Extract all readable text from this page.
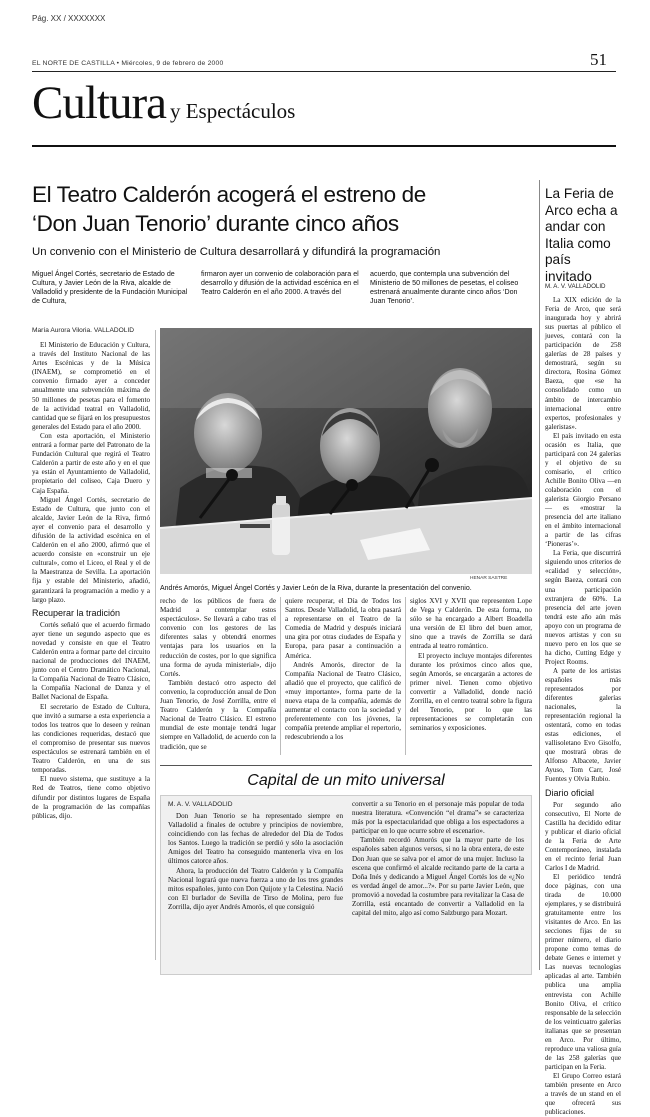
Pág. XX / XXXXXXX
EL NORTE DE CASTILLA • Miércoles, 9 de febrero de 2000	51
Cultura y Espectáculos
El Teatro Calderón acogerá el estreno de
‘Don Juan Tenorio’ durante cinco años
Un convenio con el Ministerio de Cultura desarrollará y difundirá la programación
Miguel Ángel Cortés, secretario de Estado de Cultura, y Javier León de la Riva, alcalde de Valladolid y presidente de la Fundación Municipal de Cultura,
firmaron ayer un convenio de colaboración para el desarrollo y difusión de la actividad escénica en el Teatro Calderón en el año 2000. A través del
acuerdo, que contempla una subvención del Ministerio de 50 millones de pesetas, el coliseo estrenará anualmente durante cinco años ‘Don Juan Tenorio’.
María Aurora Viloria. VALLADOLID

El Ministerio de Educación y Cultura, a través del Instituto Nacional de las Artes Escénicas y de la Música (INAEM), se comprometió en el convenio firmado ayer a conceder anualmente una subvención máxima de 50 millones de pesetas para el fomento de la actividad teatral en Valladolid, cantidad que se fijará en los presupuestos generales del Estado para el año 2000.

Con esta aportación, el Ministerio entrará a formar parte del Patronato de la Fundación Cultural que regirá el Teatro Calderón a partir de este año y en el que ya están el Ayuntamiento de Valladolid, propietario del coliseo, Caja Duero y Caja España.

Miguel Ángel Cortés, secretario de Estado de Cultura, que junto con el alcalde, Javier León de la Riva, firmó ayer el convenio para el desarrollo y difusión de la actividad escénica en el Calderón en el año 2000, afirmó que el acuerdo consiste en «construir un eje cultural», como el Liceo, el Real y el de la Maestranza de Sevilla. La aportación fija y estable del Ministerio, añadió, garantizará la programación a medio y a largo plazo.

Recuperar la tradición

Cortés señaló que el acuerdo firmado ayer tiene un segundo aspecto que es novedad y consiste en que el Teatro Calderón entra a formar parte del circuito nacional de producciones del INAEM, junto con el Centro Dramático Nacional, la Compañía Nacional de Teatro Clásico, la Compañía Nacional de Danza y el Ballet Nacional de España.

El secretario de Estado de Cultura, que invitó a sumarse a esta experiencia a todos los teatros que lo deseen y reúnan las condiciones requeridas, destacó que el compromiso de presentar sus nuevos espectáculos se estrenará también en el Teatro Calderón, en una de sus temporadas.

El nuevo sistema, que sustituye a la Red de Teatros, tiene como objetivo difundir por distintos lugares de España de la programación de las compañías públicas, dijo.

HENAR SASTRE
Andrés Amorós, Miguel Ángel Cortés y Javier León de la Riva, durante la presentación del convenio.

recho de los públicos de fuera de Madrid a contemplar estos espectáculos». Se llevará a cabo tras el convenio con los gestores de las diferentes salas y obtendrá enormes ventajas para los usuarios en la reducción de costes, por lo que significa una forma de ayuda ministerial», dijo Cortés.

También destacó otro aspecto del convenio, la coproducción anual de Don Juan Tenorio, de José Zorrilla, entre el Teatro Calderón y la Compañía Nacional de Teatro Clásico. El estreno mundial de este montaje tendrá lugar siempre en Valladolid, de acuerdo con la tradición, que se

quiere recuperar, el Día de Todos los Santos. Desde Valladolid, la obra pasará a representarse en el Teatro de la Comedia de Madrid y después iniciará una gira por otras ciudades de España y Europa, para pasar a continuación a América.

Andrés Amorós, director de la Compañía Nacional de Teatro Clásico, añadió que el proyecto, que calificó de «muy importante», forma parte de la nueva etapa de la compañía, además de aumentar el contacto con la sociedad y preferentemente con los jóvenes, la compañía pretende ampliar el repertorio, redescubriendo a los

siglos XVI y XVII que representen Lope de Vega y Calderón. De esta forma, no sólo se ha encargado a Albert Boadella una versión de El libro del buen amor, sino que a través de Zorrilla se dará entrada al teatro romántico.

El proyecto incluye montajes diferentes durante los próximos cinco años que, según Amorós, se encargarán a actores de primer nivel. Tienen como objetivo convertir a Valladolid, donde nació Zorrilla, en el centro teatral sobre la figura del Tenorio, por lo que las representaciones se completarán con seminarios y exposiciones.

Capital de un mito universal
M. A. V. VALLADOLID

Don Juan Tenorio se ha representado siempre en Valladolid a finales de octubre y principios de noviembre, coincidiendo con las fechas de alrededor del Día de Todos los Santos. Luego la tradición se perdió y sólo la asociación Amigos del Teatro ha conseguido mantenerla viva en los últimos catorce años.

Ahora, la producción del Teatro Calderón y la Compañía Nacional logrará que nueva fuerza a uno de los tres grandes mitos españoles, junto con Don Quijote y la Celestina. Nació con El burlador de Sevilla de Tirso de Molina, pero fue Zorrilla, dijo ayer Andrés Amorós, el que consiguió

convertir a su Tenorio en el personaje más popular de toda nuestra literatura. «Convención “el drama”» se caracteriza más por la espectacularidad que obliga a los espectadores a participar en lo que ocurre sobre el escenario».

También recordó Amorós que la mayor parte de los españoles saben algunos versos, si no la obra entera, de este Don Juan que se salva por el amor de una mujer. Incluso la escena que confirmó el alcalde recitando parte de la carta a Doña Inés y dedicando a Miguel Ángel Cortés los de «¿No es verdad ángel de amor...?». Por su parte Javier León, que promovió a novedad la costumbre para revitalizar la Casa de Zorrilla, está encantado de convertir a Valladolid en la capital del mito, algo así como Salzburgo para Mozart.

La Feria de Arco echa a andar con Italia como país invitado
M. A. V. VALLADOLID

La XIX edición de la Feria de Arco, que será inaugurada hoy y abrirá sus puertas al público el jueves, contará con la participación de 258 galerías de 28 países y demostrará, según su directora, Rosina Gómez Baeza, que «se ha consolidado como un ámbito de intercambio internacional entre expertos, profesionales y galeristas».

El país invitado en esta ocasión es Italia, que participará con 24 galerías y el objetivo de su comisario, el crítico Achille Bonito Oliva —en colaboración con el galerista Giorgio Persano— es «mostrar la presencia del arte italiano en el ámbito internacional a partir de las cifras ‘Pioneras’».

La Feria, que discurrirá siguiendo unos criterios de «calidad y selección», según Baeza, contará con una participación extranjera de 60%. La presencia del arte joven tendrá este año aún más apoyo con un programa de nuevos artistas y con su nuevo pero en los que se ha dicho, Cutting Edge y Project Rooms.

A parte de los artistas españoles más representados por diferentes galerías nacionales, la representación regional la ostentará, como en todas estas ediciones, el vallisoletano Evo Gisolfo, que mostrará obras de Alfonso Albacete, Javier Ayuso, Tom Carr, José Fuentes y Olvia Rubio.

Diario oficial

Por segundo año consecutivo, El Norte de Castilla ha decidido editar y publicar el diario oficial de la Feria de Arte Contemporáneo, instalada en el recinto ferial Juan Carlos I de Madrid.

El periódico tendrá doce páginas, con una tirada de 10.000 ejemplares, y se distribuirá gratuitamente entre los visitantes de Arco. En las secciones fijas de su primer número, el diario propone como temas de debate Genes e internet y Las nuevas tecnologías aplicadas al arte. También publica una amplia entrevista con Achille Bonito Oliva, el crítico responsable de la selección de los veinticuatro galerías italianas que se presentan en Arco. Por último, reproduce una valiosa guía de las 258 galerías que participan en la Feria.

El Grupo Correo estará también presente en Arco a través de un stand en el que ofrecerá sus publicaciones.
